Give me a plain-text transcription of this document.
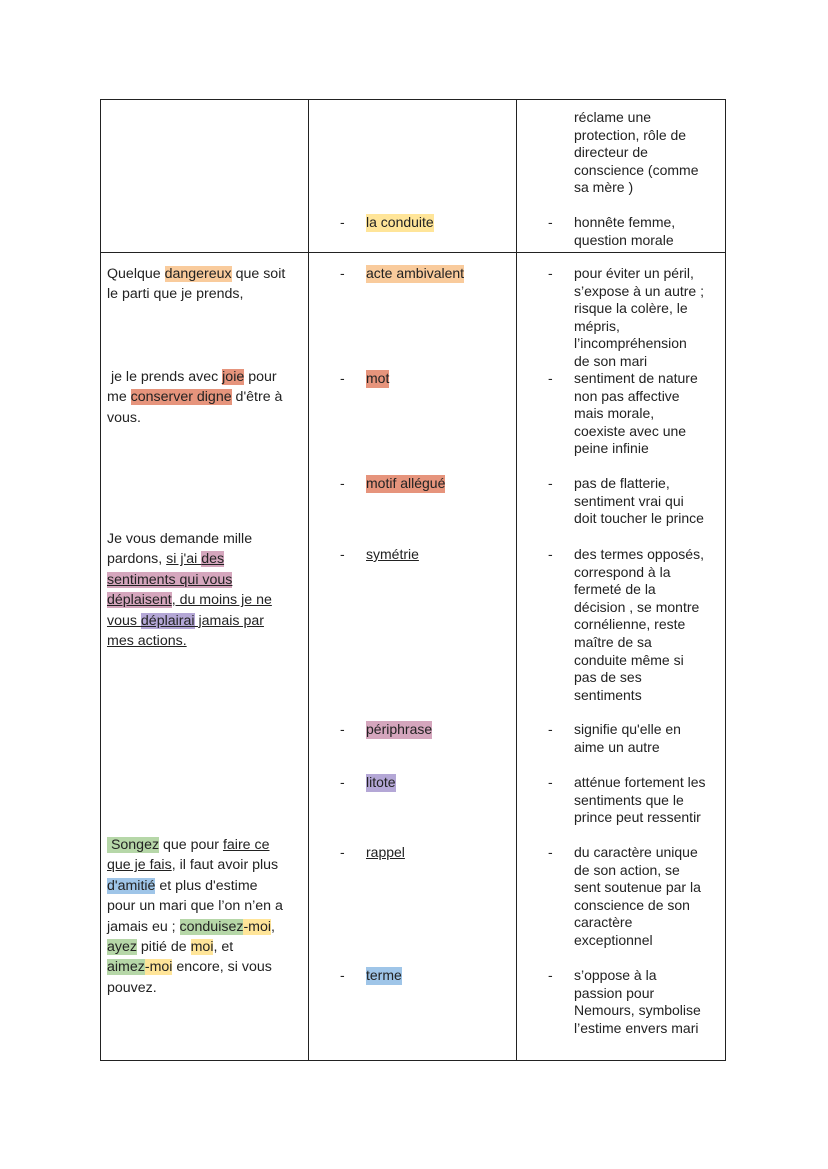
Quelque dangereux que soit
le parti que je prends,
je le prends avec joie pour
me conserver digne d'être à
vous.
Je vous demande mille
pardons, si j'ai des
sentiments qui vous
déplaisent, du moins je ne
vous déplairai jamais par
mes actions.
Songez que pour faire ce
que je fais, il faut avoir plus
d'amitié et plus d'estime
pour un mari que l’on n’en a
jamais eu ; conduisez-moi,
ayez pitié de moi, et
aimez-moi encore, si vous
pouvez.
- la conduite
- acte ambivalent
- mot
- motif allégué
- symétrie
- périphrase
- litote
- rappel
- terme
réclame une
protection, rôle de
directeur de
conscience (comme
sa mère )
- honnête femme,
question morale
- pour éviter un péril,
s’expose à un autre ;
risque la colère, le
mépris,
l’incompréhension
de son mari
- sentiment de nature
non pas affective
mais morale,
coexiste avec une
peine infinie
- pas de flatterie,
sentiment vrai qui
doit toucher le prince
- des termes opposés,
correspond à la
fermeté de la
décision , se montre
cornélienne, reste
maître de sa
conduite même si
pas de ses
sentiments
- signifie qu'elle en
aime un autre
- atténue fortement les
sentiments que le
prince peut ressentir
- du caractère unique
de son action, se
sent soutenue par la
conscience de son
caractère
exceptionnel
- s’oppose à la
passion pour
Nemours, symbolise
l’estime envers mari
